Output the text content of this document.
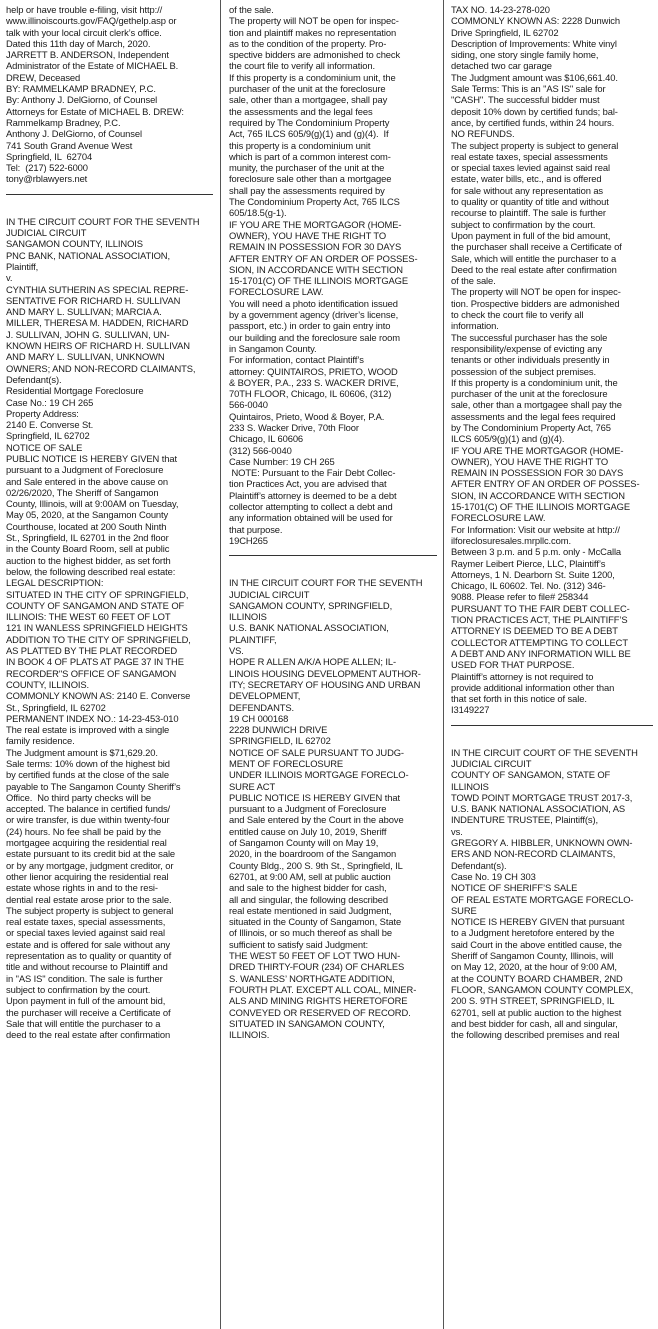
help or have trouble e-filing, visit http://
www.illinoiscourts.gov/FAQ/gethelp.asp or
talk with your local circuit clerk’s office.
Dated this 11th day of March, 2020.
JARRETT B. ANDERSON, Independent
Administrator of the Estate of MICHAEL B.
DREW, Deceased
BY: RAMMELKAMP BRADNEY, P.C.
By: Anthony J. DelGiorno, of Counsel
Attorneys for Estate of MICHAEL B. DREW:
Rammelkamp Bradney, P.C.
Anthony J. DelGiorno, of Counsel
741 South Grand Avenue West
Springfield, IL  62704
Tel:  (217) 522-6000
tony@rblawyers.net
IN THE CIRCUIT COURT FOR THE SEVENTH
JUDICIAL CIRCUIT
SANGAMON COUNTY, ILLINOIS
PNC BANK, NATIONAL ASSOCIATION,
Plaintiff,
v.
CYNTHIA SUTHERIN AS SPECIAL REPRE-
SENTATIVE FOR RICHARD H. SULLIVAN
AND MARY L. SULLIVAN; MARCIA A.
MILLER, THERESA M. HADDEN, RICHARD
J. SULLIVAN, JOHN G. SULLIVAN, UN-
KNOWN HEIRS OF RICHARD H. SULLIVAN
AND MARY L. SULLIVAN, UNKNOWN
OWNERS; AND NON-RECORD CLAIMANTS,
Defendant(s).
Residential Mortgage Foreclosure
Case No.: 19 CH 265
Property Address:
2140 E. Converse St.
Springfield, IL 62702
NOTICE OF SALE
PUBLIC NOTICE IS HEREBY GIVEN that
pursuant to a Judgment of Foreclosure
and Sale entered in the above cause on
02/26/2020, The Sheriff of Sangamon
County, Illinois, will at 9:00AM on Tuesday,
May 05, 2020, at the Sangamon County
Courthouse, located at 200 South Ninth
St., Springfield, IL 62701 in the 2nd floor
in the County Board Room, sell at public
auction to the highest bidder, as set forth
below, the following described real estate:
LEGAL DESCRIPTION:
SITUATED IN THE CITY OF SPRINGFIELD,
COUNTY OF SANGAMON AND STATE OF
ILLINOIS: THE WEST 60 FEET OF LOT
121 IN WANLESS SPRINGFIELD HEIGHTS
ADDITION TO THE CITY OF SPRINGFIELD,
AS PLATTED BY THE PLAT RECORDED
IN BOOK 4 OF PLATS AT PAGE 37 IN THE
RECORDER"S OFFICE OF SANGAMON
COUNTY, ILLINOIS.
COMMONLY KNOWN AS: 2140 E. Converse
St., Springfield, IL 62702
PERMANENT INDEX NO.: 14-23-453-010
The real estate is improved with a single
family residence.
The Judgment amount is $71,629.20.
Sale terms: 10% down of the highest bid
by certified funds at the close of the sale
payable to The Sangamon County Sheriff’s
Office.  No third party checks will be
accepted. The balance in certified funds/
or wire transfer, is due within twenty-four
(24) hours. No fee shall be paid by the
mortgagee acquiring the residential real
estate pursuant to its credit bid at the sale
or by any mortgage, judgment creditor, or
other lienor acquiring the residential real
estate whose rights in and to the resi-
dential real estate arose prior to the sale.
The subject property is subject to general
real estate taxes, special assessments,
or special taxes levied against said real
estate and is offered for sale without any
representation as to quality or quantity of
title and without recourse to Plaintiff and
in "AS IS" condition. The sale is further
subject to confirmation by the court.
Upon payment in full of the amount bid,
the purchaser will receive a Certificate of
Sale that will entitle the purchaser to a
deed to the real estate after confirmation
of the sale.
The property will NOT be open for inspec-
tion and plaintiff makes no representation
as to the condition of the property. Pro-
spective bidders are admonished to check
the court file to verify all information.
If this property is a condominium unit, the
purchaser of the unit at the foreclosure
sale, other than a mortgagee, shall pay
the assessments and the legal fees
required by The Condominium Property
Act, 765 ILCS 605/9(g)(1) and (g)(4).  If
this property is a condominium unit
which is part of a common interest com-
munity, the purchaser of the unit at the
foreclosure sale other than a mortgagee
shall pay the assessments required by
The Condominium Property Act, 765 ILCS
605/18.5(g-1).
IF YOU ARE THE MORTGAGOR (HOME-
OWNER), YOU HAVE THE RIGHT TO
REMAIN IN POSSESSION FOR 30 DAYS
AFTER ENTRY OF AN ORDER OF POSSES-
SION, IN ACCORDANCE WITH SECTION
15-1701(C) OF THE ILLINOIS MORTGAGE
FORECLOSURE LAW.
You will need a photo identification issued
by a government agency (driver’s license,
passport, etc.) in order to gain entry into
our building and the foreclosure sale room
in Sangamon County.
For information, contact Plaintiff’s
attorney: QUINTAIROS, PRIETO, WOOD
& BOYER, P.A., 233 S. WACKER DRIVE,
70TH FLOOR, Chicago, IL 60606, (312)
566-0040
Quintairos, Prieto, Wood & Boyer, P.A.
233 S. Wacker Drive, 70th Floor
Chicago, IL 60606
(312) 566-0040
Case Number: 19 CH 265
NOTE: Pursuant to the Fair Debt Collec-
tion Practices Act, you are advised that
Plaintiff’s attorney is deemed to be a debt
collector attempting to collect a debt and
any information obtained will be used for
that purpose.
19CH265
IN THE CIRCUIT COURT FOR THE SEVENTH
JUDICIAL CIRCUIT
SANGAMON COUNTY, SPRINGFIELD,
ILLINOIS
U.S. BANK NATIONAL ASSOCIATION,
PLAINTIFF,
VS.
HOPE R ALLEN A/K/A HOPE ALLEN; IL-
LINOIS HOUSING DEVELOPMENT AUTHOR-
ITY; SECRETARY OF HOUSING AND URBAN
DEVELOPMENT,
DEFENDANTS.
19 CH 000168
2228 DUNWICH DRIVE
SPRINGFIELD, IL 62702
NOTICE OF SALE PURSUANT TO JUDG-
MENT OF FORECLOSURE
UNDER ILLINOIS MORTGAGE FORECLO-
SURE ACT
PUBLIC NOTICE IS HEREBY GIVEN that
pursuant to a Judgment of Foreclosure
and Sale entered by the Court in the above
entitled cause on July 10, 2019, Sheriff
of Sangamon County will on May 19,
2020, in the boardroom of the Sangamon
County Bldg., 200 S. 9th St., Springfield, IL
62701, at 9:00 AM, sell at public auction
and sale to the highest bidder for cash,
all and singular, the following described
real estate mentioned in said Judgment,
situated in the County of Sangamon, State
of Illinois, or so much thereof as shall be
sufficient to satisfy said Judgment:
THE WEST 50 FEET OF LOT TWO HUN-
DRED THIRTY-FOUR (234) OF CHARLES
S. WANLESS’ NORTHGATE ADDITION,
FOURTH PLAT. EXCEPT ALL COAL, MINER-
ALS AND MINING RIGHTS HERETOFORE
CONVEYED OR RESERVED OF RECORD.
SITUATED IN SANGAMON COUNTY,
ILLINOIS.
TAX NO. 14-23-278-020
COMMONLY KNOWN AS: 2228 Dunwich
Drive Springfield, IL 62702
Description of Improvements: White vinyl
siding, one story single family home,
detached two car garage
The Judgment amount was $106,661.40.
Sale Terms: This is an "AS IS" sale for
"CASH". The successful bidder must
deposit 10% down by certified funds; bal-
ance, by certified funds, within 24 hours.
NO REFUNDS.
The subject property is subject to general
real estate taxes, special assessments
or special taxes levied against said real
estate, water bills, etc., and is offered
for sale without any representation as
to quality or quantity of title and without
recourse to plaintiff. The sale is further
subject to confirmation by the court.
Upon payment in full of the bid amount,
the purchaser shall receive a Certificate of
Sale, which will entitle the purchaser to a
Deed to the real estate after confirmation
of the sale.
The property will NOT be open for inspec-
tion. Prospective bidders are admonished
to check the court file to verify all
information.
The successful purchaser has the sole
responsibility/expense of evicting any
tenants or other individuals presently in
possession of the subject premises.
If this property is a condominium unit, the
purchaser of the unit at the foreclosure
sale, other than a mortgagee shall pay the
assessments and the legal fees required
by The Condominium Property Act, 765
ILCS 605/9(g)(1) and (g)(4).
IF YOU ARE THE MORTGAGOR (HOME-
OWNER), YOU HAVE THE RIGHT TO
REMAIN IN POSSESSION FOR 30 DAYS
AFTER ENTRY OF AN ORDER OF POSSES-
SION, IN ACCORDANCE WITH SECTION
15-1701(C) OF THE ILLINOIS MORTGAGE
FORECLOSURE LAW.
For Information: Visit our website at http://
ilforeclosuresales.mrpllc.com.
Between 3 p.m. and 5 p.m. only - McCalla
Raymer Leibert Pierce, LLC, Plaintiff’s
Attorneys, 1 N. Dearborn St. Suite 1200,
Chicago, IL 60602. Tel. No. (312) 346-
9088. Please refer to file# 258344
PURSUANT TO THE FAIR DEBT COLLEC-
TION PRACTICES ACT, THE PLAINTIFF’S
ATTORNEY IS DEEMED TO BE A DEBT
COLLECTOR ATTEMPTING TO COLLECT
A DEBT AND ANY INFORMATION WILL BE
USED FOR THAT PURPOSE.
Plaintiff’s attorney is not required to
provide additional information other than
that set forth in this notice of sale.
I3149227
IN THE CIRCUIT COURT OF THE SEVENTH
JUDICIAL CIRCUIT
COUNTY OF SANGAMON, STATE OF
ILLINOIS
TOWD POINT MORTGAGE TRUST 2017-3,
U.S. BANK NATIONAL ASSOCIATION, AS
INDENTURE TRUSTEE, Plaintiff(s),
vs.
GREGORY A. HIBBLER, UNKNOWN OWN-
ERS AND NON-RECORD CLAIMANTS,
Defendant(s).
Case No. 19 CH 303
NOTICE OF SHERIFF’S SALE
OF REAL ESTATE MORTGAGE FORECLO-
SURE
NOTICE IS HEREBY GIVEN that pursuant
to a Judgment heretofore entered by the
said Court in the above entitled cause, the
Sheriff of Sangamon County, Illinois, will
on May 12, 2020, at the hour of 9:00 AM,
at the COUNTY BOARD CHAMBER, 2ND
FLOOR, SANGAMON COUNTY COMPLEX,
200 S. 9TH STREET, SPRINGFIELD, IL
62701, sell at public auction to the highest
and best bidder for cash, all and singular,
the following described premises and real
